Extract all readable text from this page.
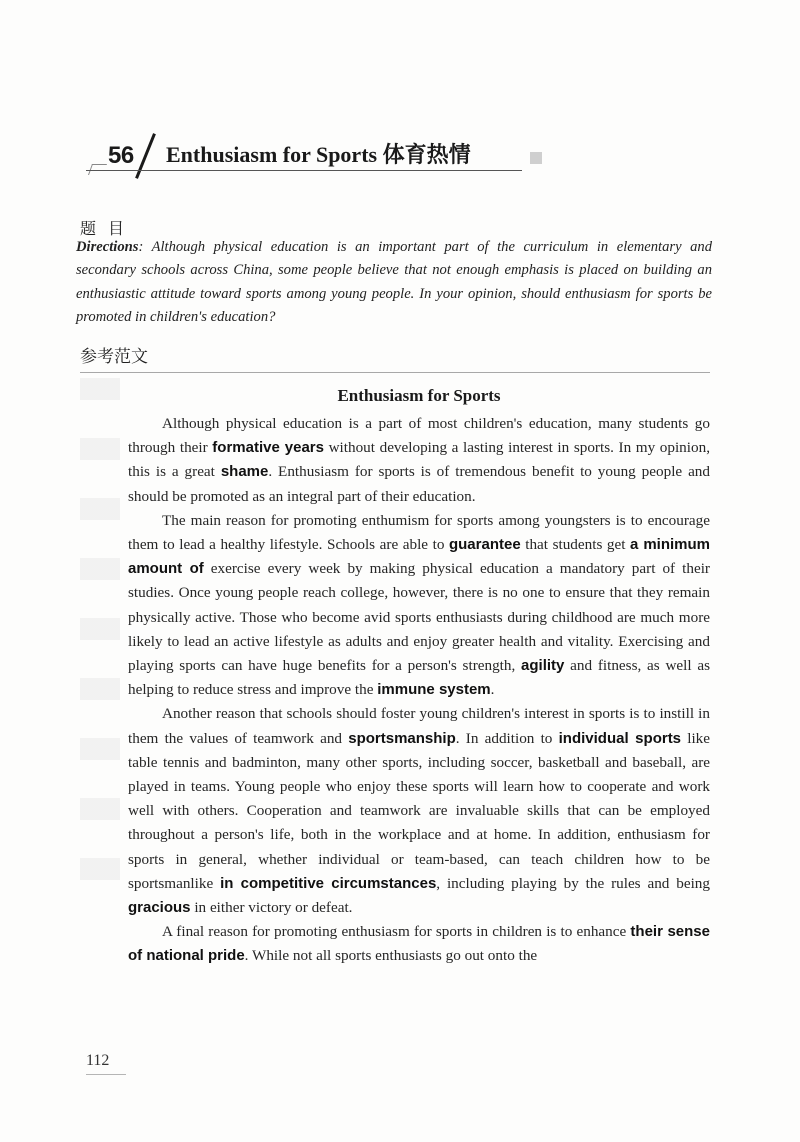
56 Enthusiasm for Sports 体育热情
题目
Directions: Although physical education is an important part of the curriculum in elementary and secondary schools across China, some people believe that not enough emphasis is placed on building an enthusiastic attitude toward sports among young people. In your opinion, should enthusiasm for sports be promoted in children's education?
参考范文
Enthusiasm for Sports

Although physical education is a part of most children's education, many students go through their formative years without developing a lasting interest in sports. In my opinion, this is a great shame. Enthusiasm for sports is of tremendous benefit to young people and should be promoted as an integral part of their education.

The main reason for promoting enthumism for sports among youngsters is to encourage them to lead a healthy lifestyle. Schools are able to guarantee that students get a minimum amount of exercise every week by making physical education a mandatory part of their studies. Once young people reach college, however, there is no one to ensure that they remain physically active. Those who become avid sports enthusiasts during childhood are much more likely to lead an active lifestyle as adults and enjoy greater health and vitality. Exercising and playing sports can have huge benefits for a person's strength, agility and fitness, as well as helping to reduce stress and improve the immune system.

Another reason that schools should foster young children's interest in sports is to instill in them the values of teamwork and sportsmanship. In addition to individual sports like table tennis and badminton, many other sports, including soccer, basketball and baseball, are played in teams. Young people who enjoy these sports will learn how to cooperate and work well with others. Cooperation and teamwork are invaluable skills that can be employed throughout a person's life, both in the workplace and at home. In addition, enthusiasm for sports in general, whether individual or team-based, can teach children how to be sportsmanlike in competitive circumstances, including playing by the rules and being gracious in either victory or defeat.

A final reason for promoting enthusiasm for sports in children is to enhance their sense of national pride. While not all sports enthusiasts go out onto the

112
